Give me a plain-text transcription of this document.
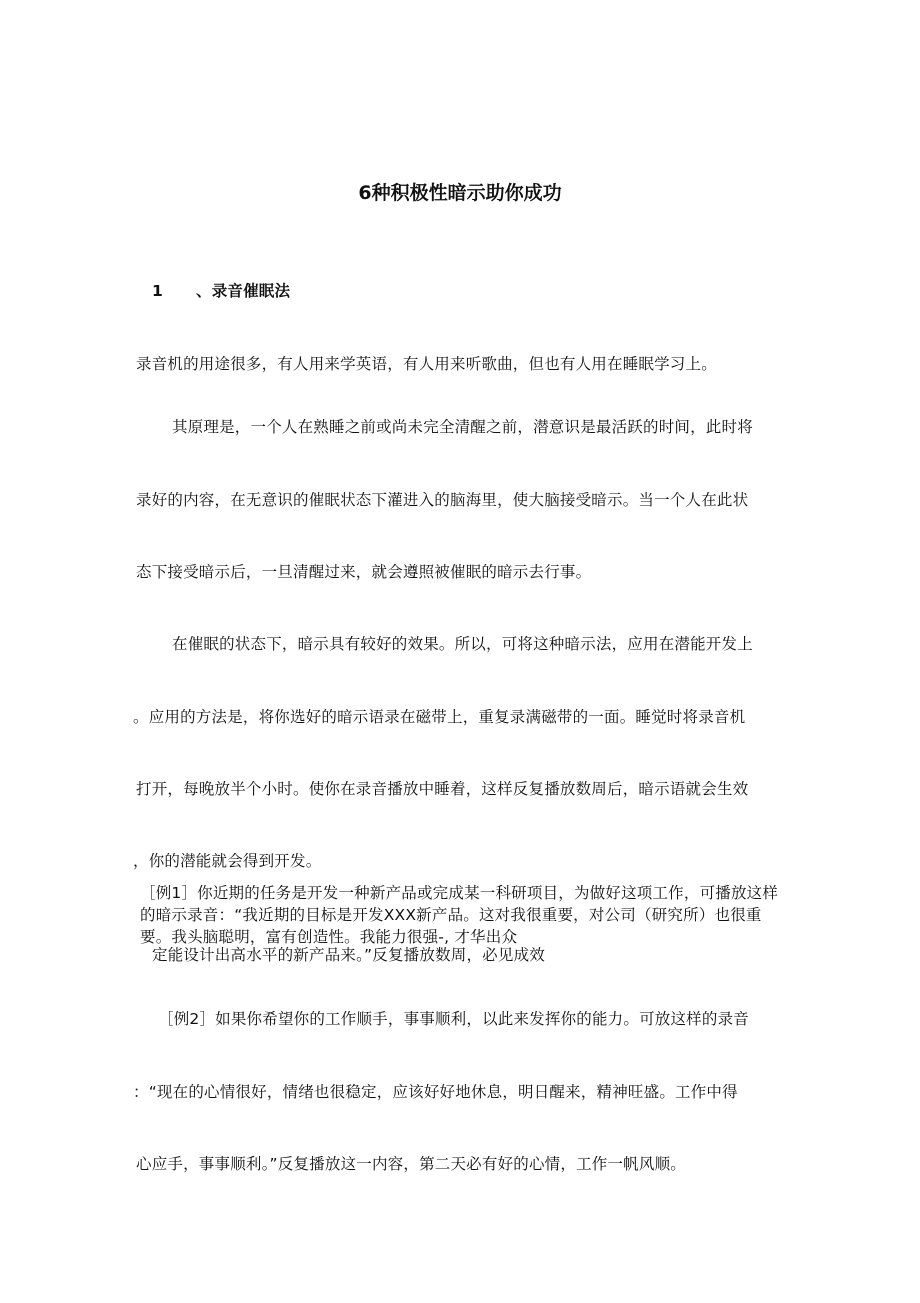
6种积极性暗示助你成功
1 、录音催眠法
录音机的用途很多，有人用来学英语，有人用来听歌曲，但也有人用在睡眠学习上。
其原理是，一个人在熟睡之前或尚未完全清醒之前，潜意识是最活跃的时间，此时将
录好的内容，在无意识的催眠状态下灌进入的脑海里，使大脑接受暗示。当一个人在此状
态下接受暗示后，一旦清醒过来，就会遵照被催眠的暗示去行事。
在催眠的状态下，暗示具有较好的效果。所以，可将这种暗示法，应用在潜能开发上
。应用的方法是，将你选好的暗示语录在磁带上，重复录满磁带的一面。睡觉时将录音机
打开，每晚放半个小时。使你在录音播放中睡着，这样反复播放数周后，暗示语就会生效
，你的潜能就会得到开发。
［例1］你近期的任务是开发一种新产品或完成某一科研项目，为做好这项工作，可播放这样的暗示录音：“我近期的目标是开发XXX新产品。这对我很重要，对公司（研究所）也很重要。我头脑聪明，富有创造性。我能力很强-, 才华出众
定能设计出高水平的新产品来。”反复播放数周，必见成效
［例2］如果你希望你的工作顺手，事事顺利，以此来发挥你的能力。可放这样的录音
：“现在的心情很好，情绪也很稳定，应该好好地休息，明日醒来，精神旺盛。工作中得
心应手，事事顺利。”反复播放这一内容，第二天必有好的心情，工作一帆风顺。
